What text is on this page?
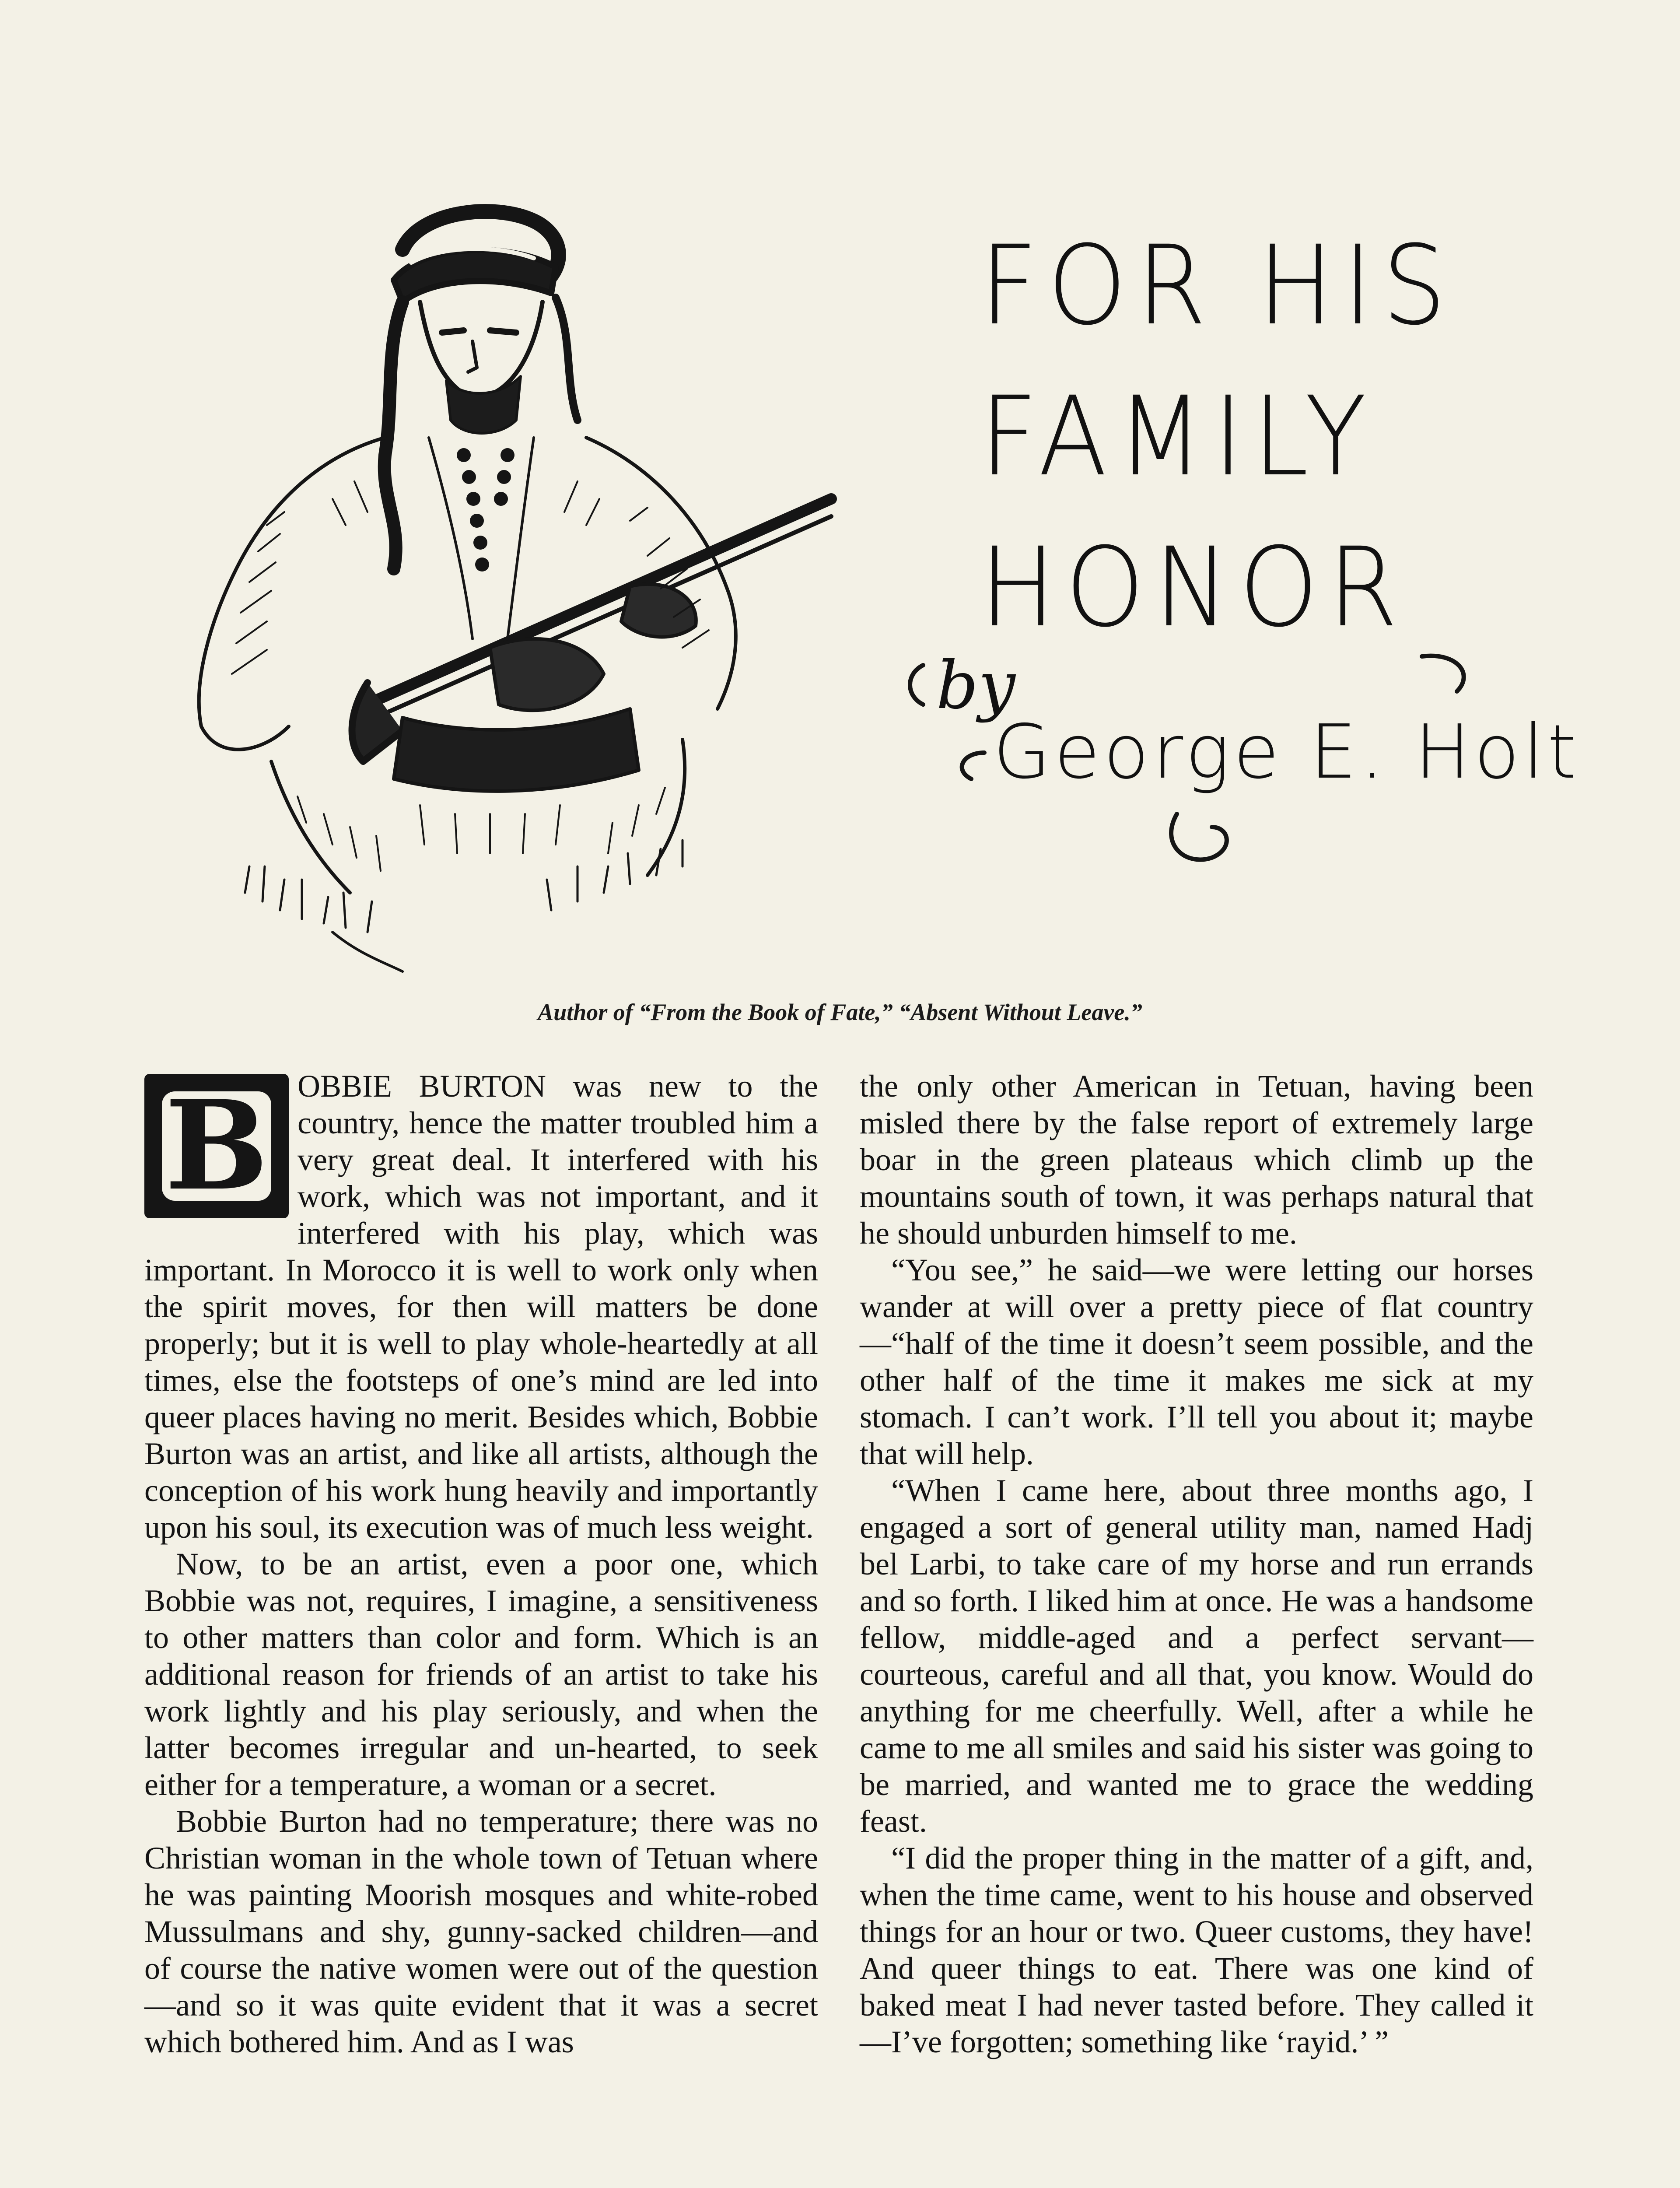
FOR HIS
FAMILY
HONOR
by
George E. Holt
Author of “From the Book of Fate,” “Absent Without Leave.”

B OBBIE BURTON was new to the country, hence the matter troubled him a very great deal. It interfered with his work, which was not important, and it interfered with his play, which was important. In Morocco it is well to work only when the spirit moves, for then will matters be done properly; but it is well to play whole-heartedly at all times, else the footsteps of one’s mind are led into queer places having no merit. Besides which, Bobbie Burton was an artist, and like all artists, although the conception of his work hung heavily and importantly upon his soul, its execution was of much less weight.

Now, to be an artist, even a poor one, which Bobbie was not, requires, I imagine, a sensitiveness to other matters than color and form. Which is an additional reason for friends of an artist to take his work lightly and his play seriously, and when the latter becomes irregular and un-hearted, to seek either for a temperature, a woman or a secret.

Bobbie Burton had no temperature; there was no Christian woman in the whole town of Tetuan where he was painting Moorish mosques and white-robed Mussulmans and shy, gunny-sacked children—and of course the native women were out of the question—and so it was quite evident that it was a secret which bothered him. And as I was

the only other American in Tetuan, having been misled there by the false report of extremely large boar in the green plateaus which climb up the mountains south of town, it was perhaps natural that he should unburden himself to me.

“You see,” he said—we were letting our horses wander at will over a pretty piece of flat country—“half of the time it doesn’t seem possible, and the other half of the time it makes me sick at my stomach. I can’t work. I’ll tell you about it; maybe that will help.

“When I came here, about three months ago, I engaged a sort of general utility man, named Hadj bel Larbi, to take care of my horse and run errands and so forth. I liked him at once. He was a handsome fellow, middle-aged and a perfect servant—courteous, careful and all that, you know. Would do anything for me cheerfully. Well, after a while he came to me all smiles and said his sister was going to be married, and wanted me to grace the wedding feast.

“I did the proper thing in the matter of a gift, and, when the time came, went to his house and observed things for an hour or two. Queer customs, they have! And queer things to eat. There was one kind of baked meat I had never tasted before. They called it—I’ve forgotten; something like ‘rayid.’ ”
